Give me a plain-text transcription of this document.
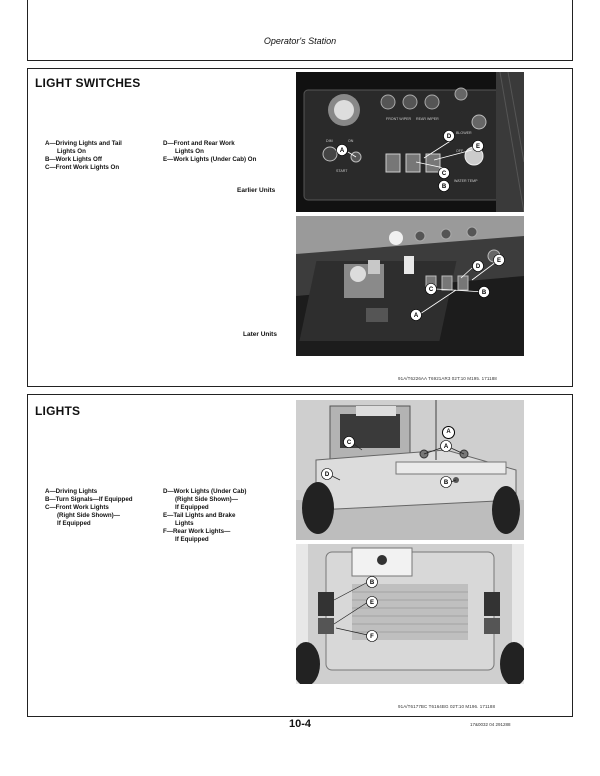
Operator's Station
LIGHT SWITCHES
A—Driving Lights and Tail
Lights On
B—Work Lights Off
C—Front Work Lights On
D—Front and Rear Work
Lights On
E—Work Lights (Under Cab) On
Earlier Units
Later Units
DIM	ON
FRONT WIPER REAR WIPER
BLOWER
OFF
START
WATER TEMP
A
B
C
D
E
A
B
C
D
E
91A/T6226AA T6921AR3 02T:10 M195. 171188
LIGHTS
A—Driving Lights
B—Turn Signals—If Equipped
C—Front Work Lights
(Right Side Shown)—
If Equipped
D—Work Lights (Under Cab)
(Right Side Shown)—
If Equipped
E—Tail Lights and Brake
Lights
F—Rear Work Lights—
If Equipped
A
B
C
D
B
E
F
A
91A/T6177BC T6164BG 02T:10 M196. 171188
10-4	17&0032 04 291288
